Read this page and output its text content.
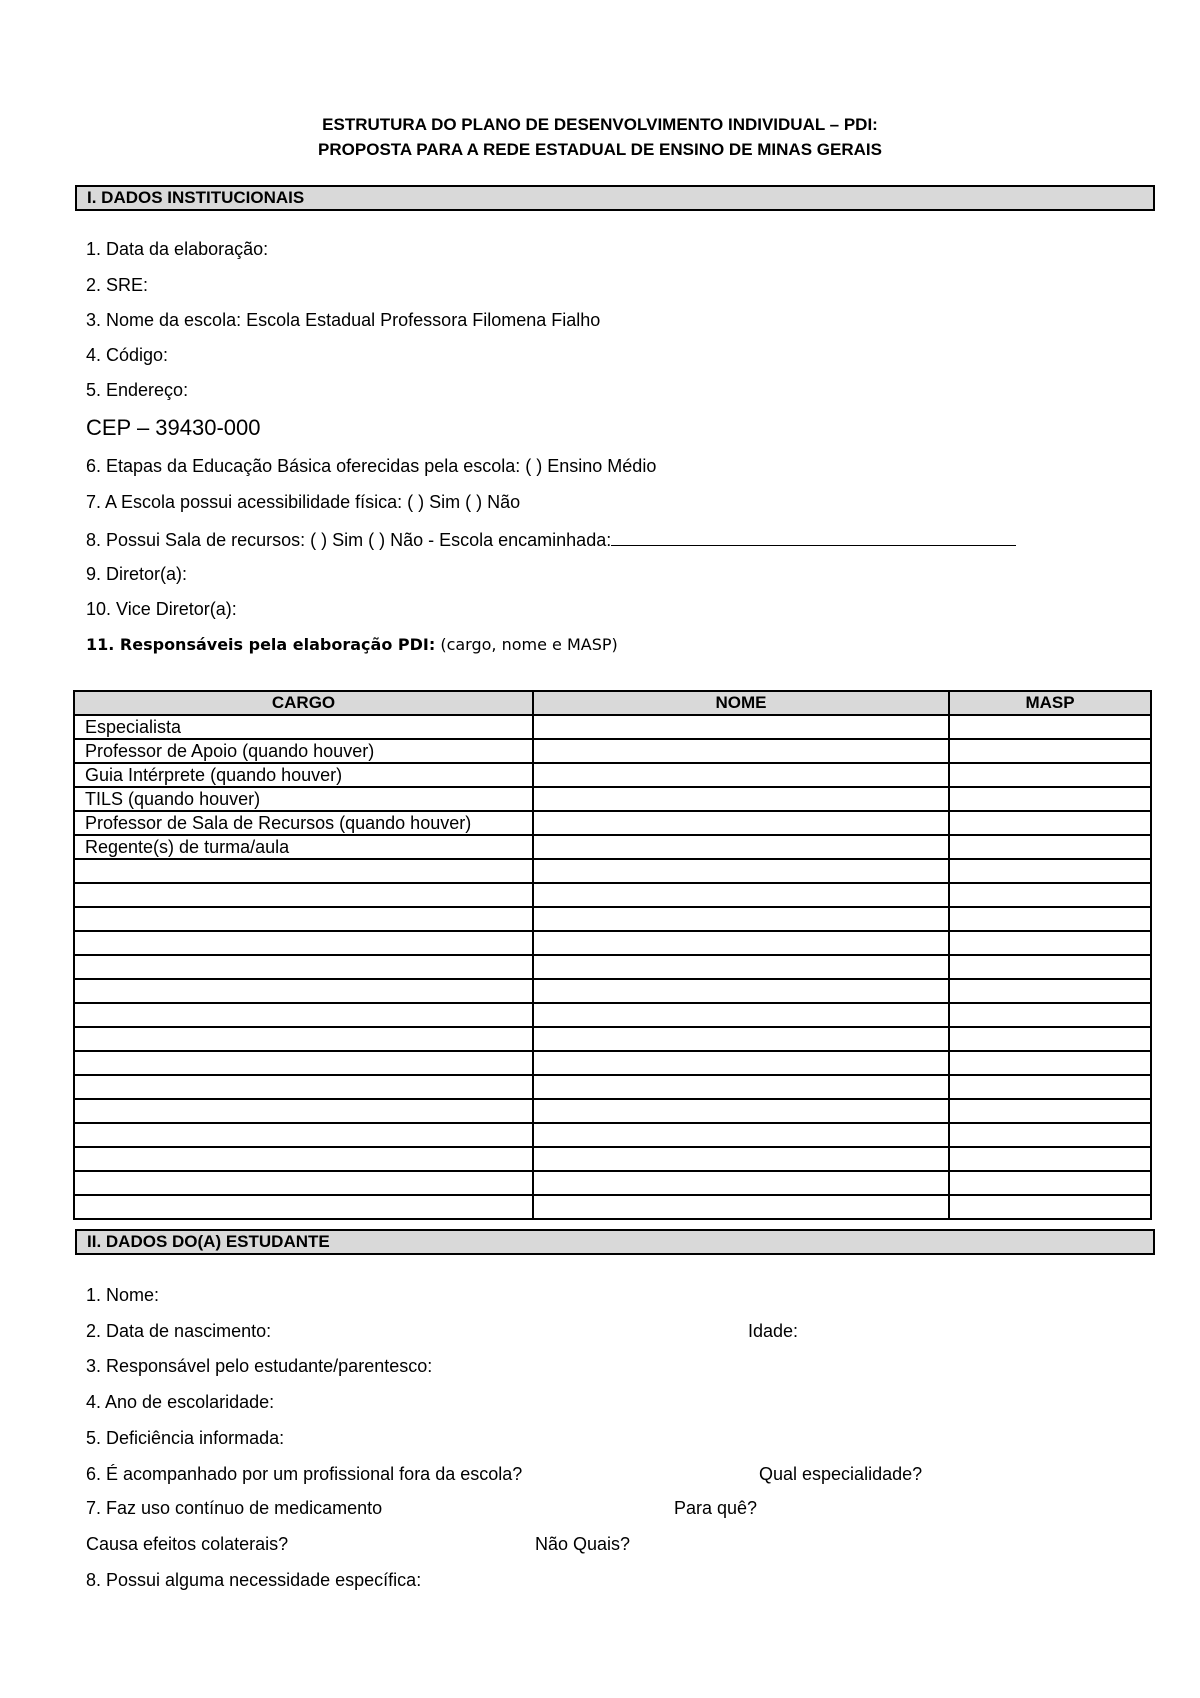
ESTRUTURA DO PLANO DE DESENVOLVIMENTO INDIVIDUAL – PDI:
PROPOSTA PARA A REDE ESTADUAL DE ENSINO DE MINAS GERAIS
I. DADOS INSTITUCIONAIS
1. Data da elaboração:
2. SRE:
3. Nome da escola: Escola Estadual Professora Filomena Fialho
4. Código:
5. Endereço:
CEP – 39430-000
6. Etapas da Educação Básica oferecidas pela escola: ( ) Ensino Médio
7. A Escola possui acessibilidade física: ( ) Sim ( ) Não
8. Possui Sala de recursos: ( ) Sim ( ) Não - Escola encaminhada:
9. Diretor(a):
10. Vice Diretor(a):
11. Responsáveis pela elaboração PDI: (cargo, nome e MASP)
CARGO	NOME	MASP
Especialista		
Professor de Apoio (quando houver)		
Guia Intérprete (quando houver)		
TILS (quando houver)		
Professor de Sala de Recursos (quando houver)		
Regente(s) de turma/aula		

II. DADOS DO(A) ESTUDANTE
1. Nome:
2. Data de nascimento:	Idade:
3. Responsável pelo estudante/parentesco:
4. Ano de escolaridade:
5. Deficiência informada:
6. É acompanhado por um profissional fora da escola?	Qual especialidade?
7. Faz uso contínuo de medicamento	Para quê?
Causa efeitos colaterais?	Não Quais?
8. Possui alguma necessidade específica:
